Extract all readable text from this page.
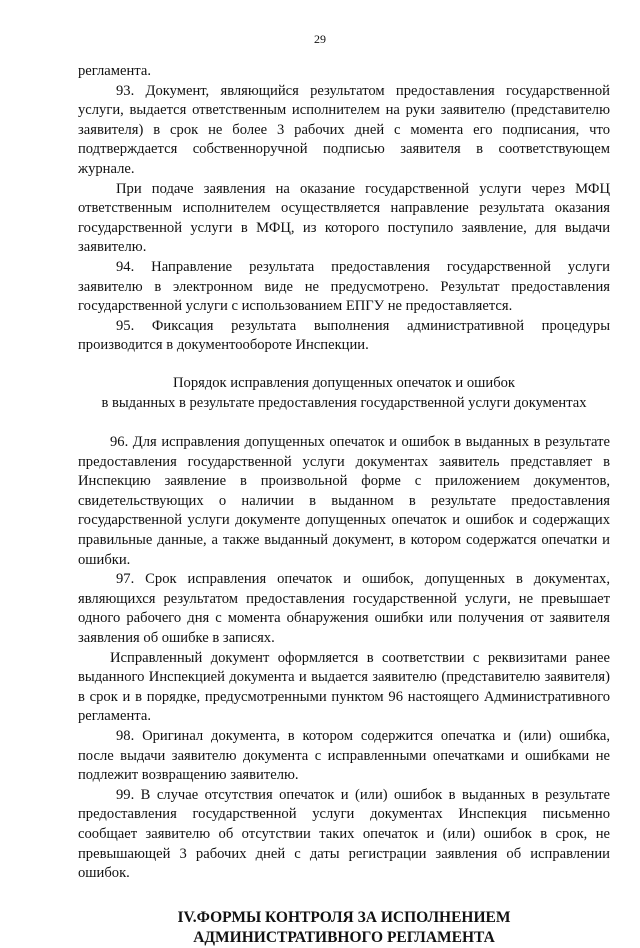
29

регламента.

93. Документ, являющийся результатом предоставления государственной услуги, выдается ответственным исполнителем на руки заявителю (представителю заявителя) в срок не более 3 рабочих дней с момента его подписания, что подтверждается собственноручной подписью заявителя в соответствующем журнале.

При подаче заявления на оказание государственной услуги через МФЦ ответственным исполнителем осуществляется направление результата оказания государственной услуги в МФЦ, из которого поступило заявление, для выдачи заявителю.

94. Направление результата предоставления государственной услуги заявителю в электронном виде не предусмотрено. Результат предоставления государственной услуги с использованием ЕПГУ не предоставляется.

95. Фиксация результата выполнения административной процедуры производится в документообороте Инспекции.

Порядок исправления допущенных опечаток и ошибок
в выданных в результате предоставления государственной услуги документах

96. Для исправления допущенных опечаток и ошибок в выданных в результате предоставления государственной услуги документах заявитель представляет в Инспекцию заявление в произвольной форме с приложением документов, свидетельствующих о наличии в выданном в результате предоставления государственной услуги документе допущенных опечаток и ошибок и содержащих правильные данные, а также выданный документ, в котором содержатся опечатки и ошибки.

97. Срок исправления опечаток и ошибок, допущенных в документах, являющихся результатом предоставления государственной услуги, не превышает одного рабочего дня с момента обнаружения ошибки или получения от заявителя заявления об ошибке в записях.

Исправленный документ оформляется в соответствии с реквизитами ранее выданного Инспекцией документа и выдается заявителю (представителю заявителя) в срок и в порядке, предусмотренными пунктом 96 настоящего Административного регламента.

98. Оригинал документа, в котором содержится опечатка и (или) ошибка, после выдачи заявителю документа с исправленными опечатками и ошибками не подлежит возвращению заявителю.

99. В случае отсутствия опечаток и (или) ошибок в выданных в результате предоставления государственной услуги документах Инспекция письменно сообщает заявителю об отсутствии таких опечаток и (или) ошибок в срок, не превышающей 3 рабочих дней с даты регистрации заявления об исправлении ошибок.

IV.ФОРМЫ КОНТРОЛЯ ЗА ИСПОЛНЕНИЕМ
АДМИНИСТРАТИВНОГО РЕГЛАМЕНТА
